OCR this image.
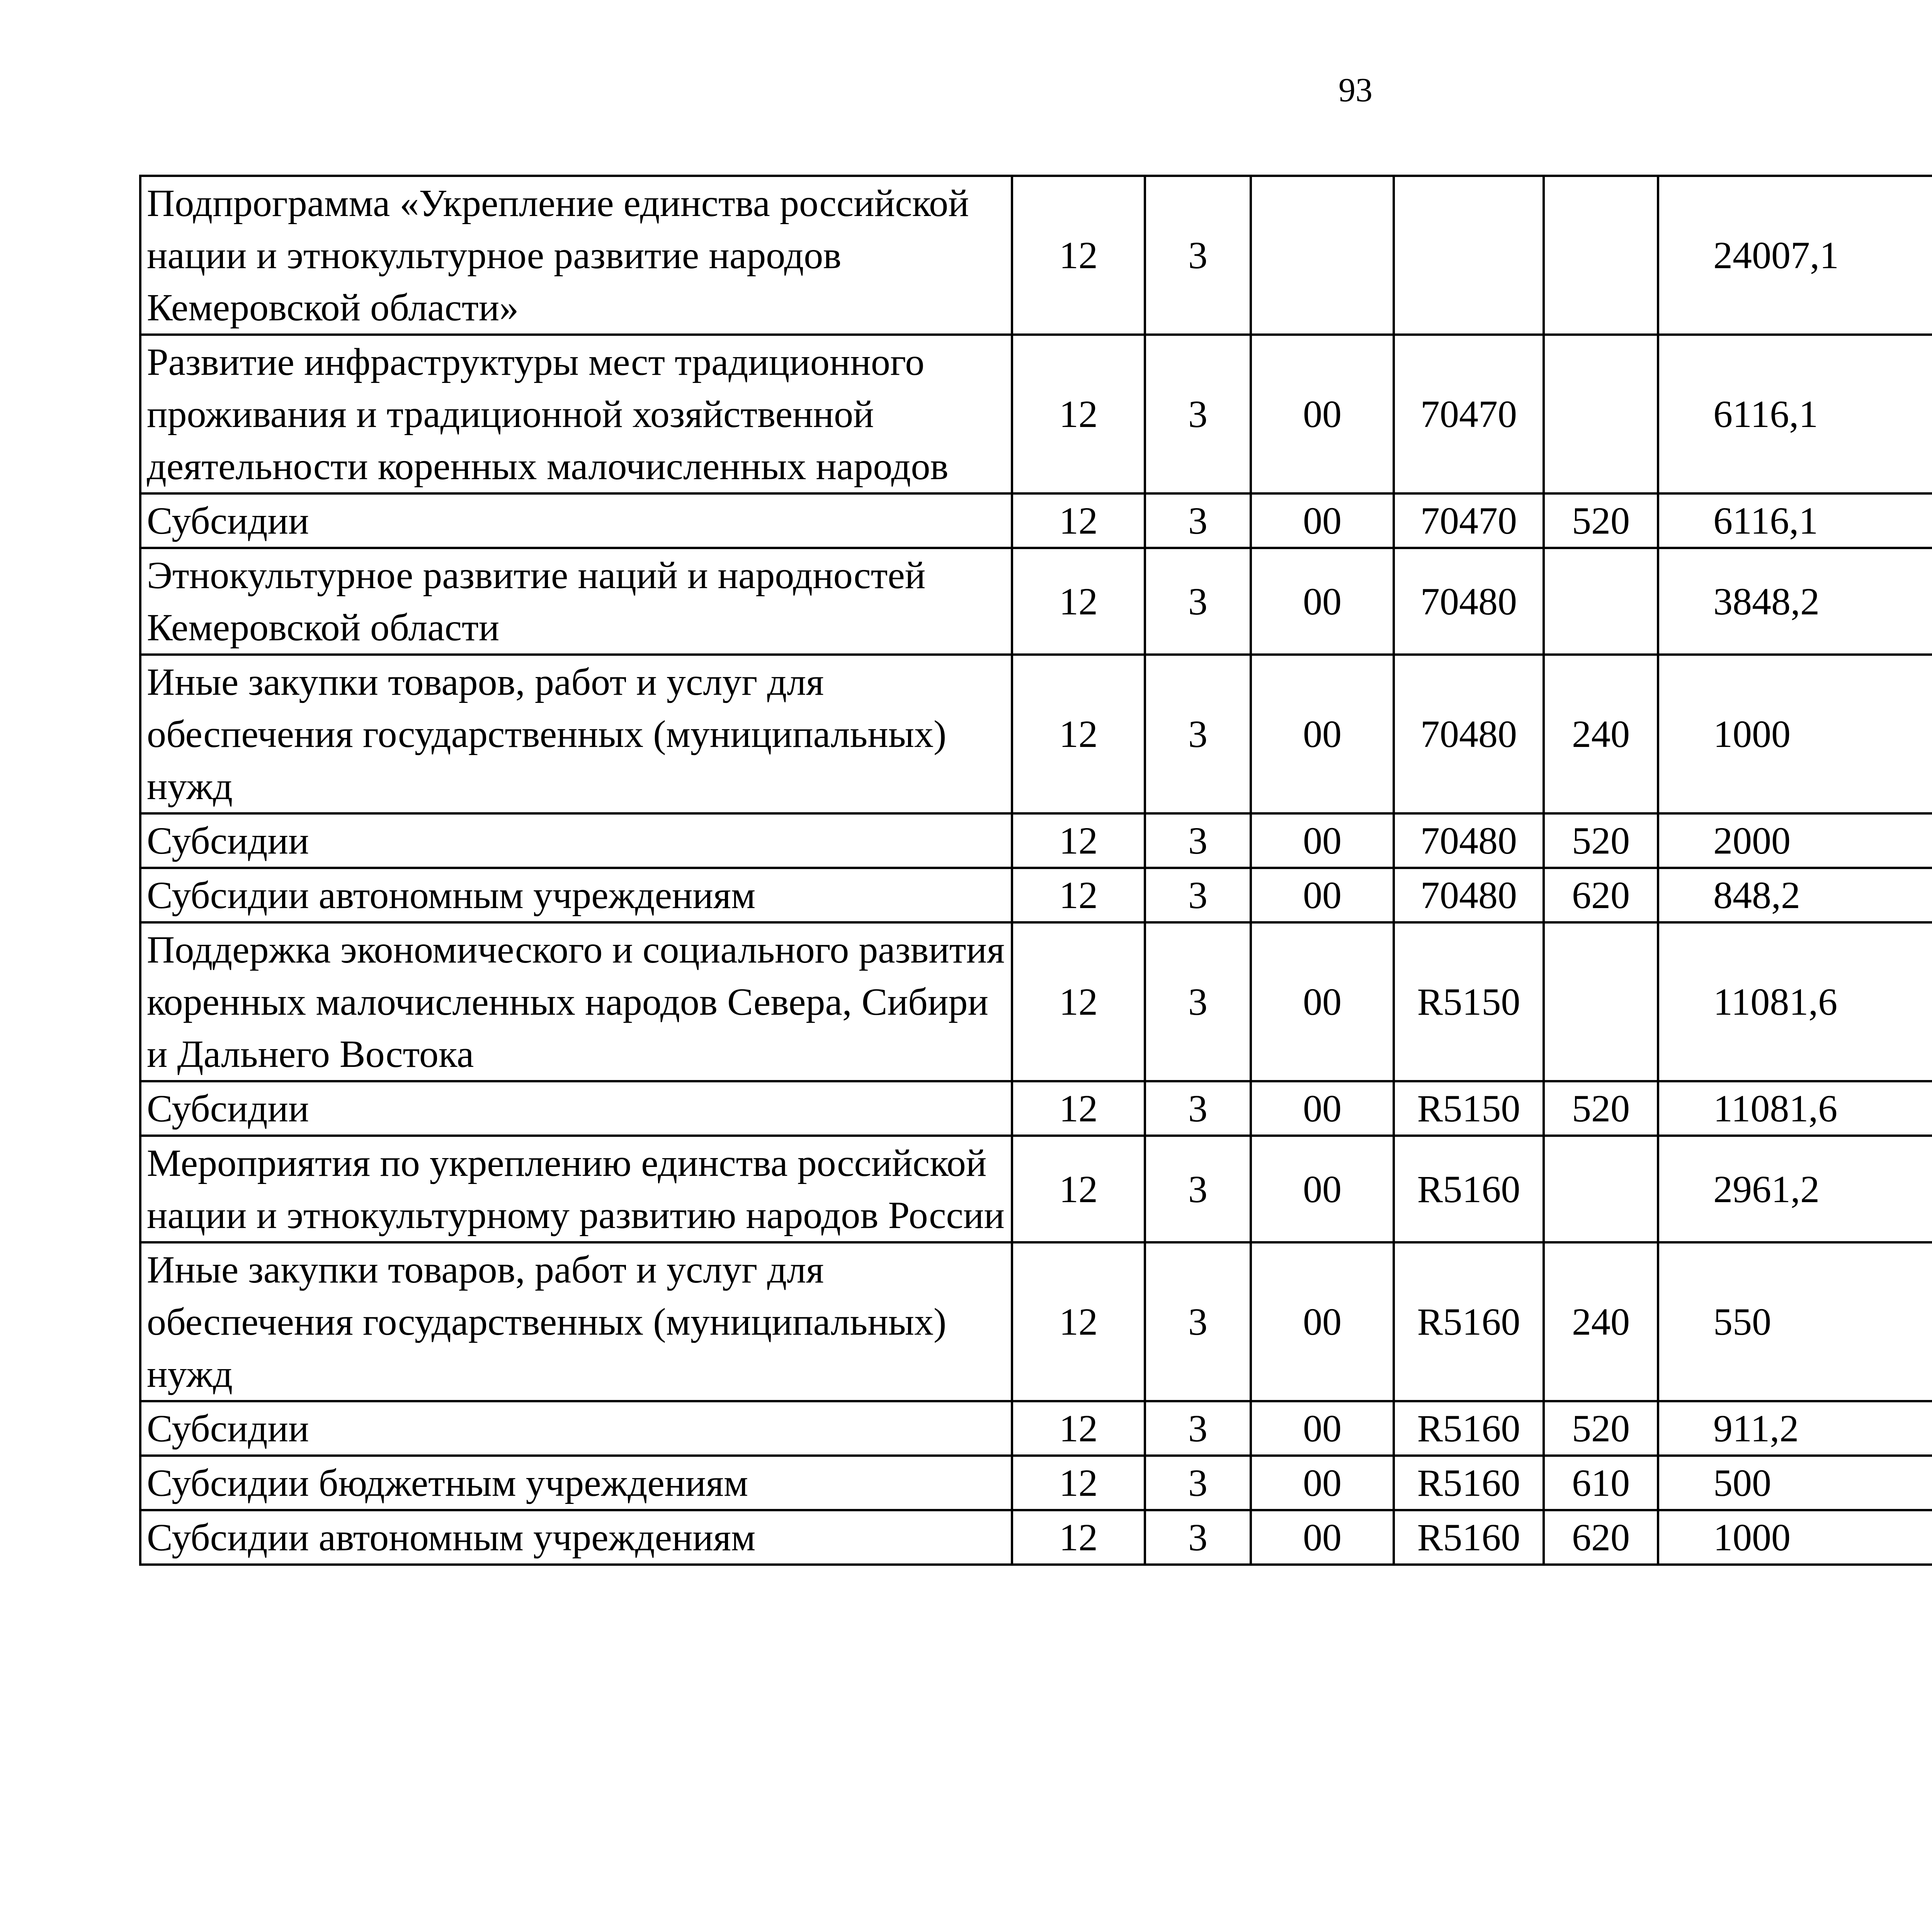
93
Подпрограмма «Укрепление единства российской нации и этнокультурное развитие народов Кемеровской области»	12	3				24007,1		
Развитие инфраструктуры мест традиционного проживания и традиционной хозяйственной деятельности коренных малочисленных народов	12	3	00	70470		6116,1		
Субсидии	12	3	00	70470	520	6116,1		
Этнокультурное развитие наций и народностей Кемеровской области	12	3	00	70480		3848,2		
Иные закупки товаров, работ и услуг для обеспечения государственных (муниципальных) нужд	12	3	00	70480	240	1000		
Субсидии	12	3	00	70480	520	2000		
Субсидии автономным учреждениям	12	3	00	70480	620	848,2		
Поддержка экономического и социального развития коренных малочисленных народов Севера, Сибири и Дальнего Востока	12	3	00	R5150		11081,6		
Субсидии	12	3	00	R5150	520	11081,6		
Мероприятия по укреплению единства российской нации и этнокультурному развитию народов России	12	3	00	R5160		2961,2		
Иные закупки товаров, работ и услуг для обеспечения государственных (муниципальных) нужд	12	3	00	R5160	240	550		
Субсидии	12	3	00	R5160	520	911,2		
Субсидии бюджетным учреждениям	12	3	00	R5160	610	500		
Субсидии автономным учреждениям	12	3	00	R5160	620	1000		
